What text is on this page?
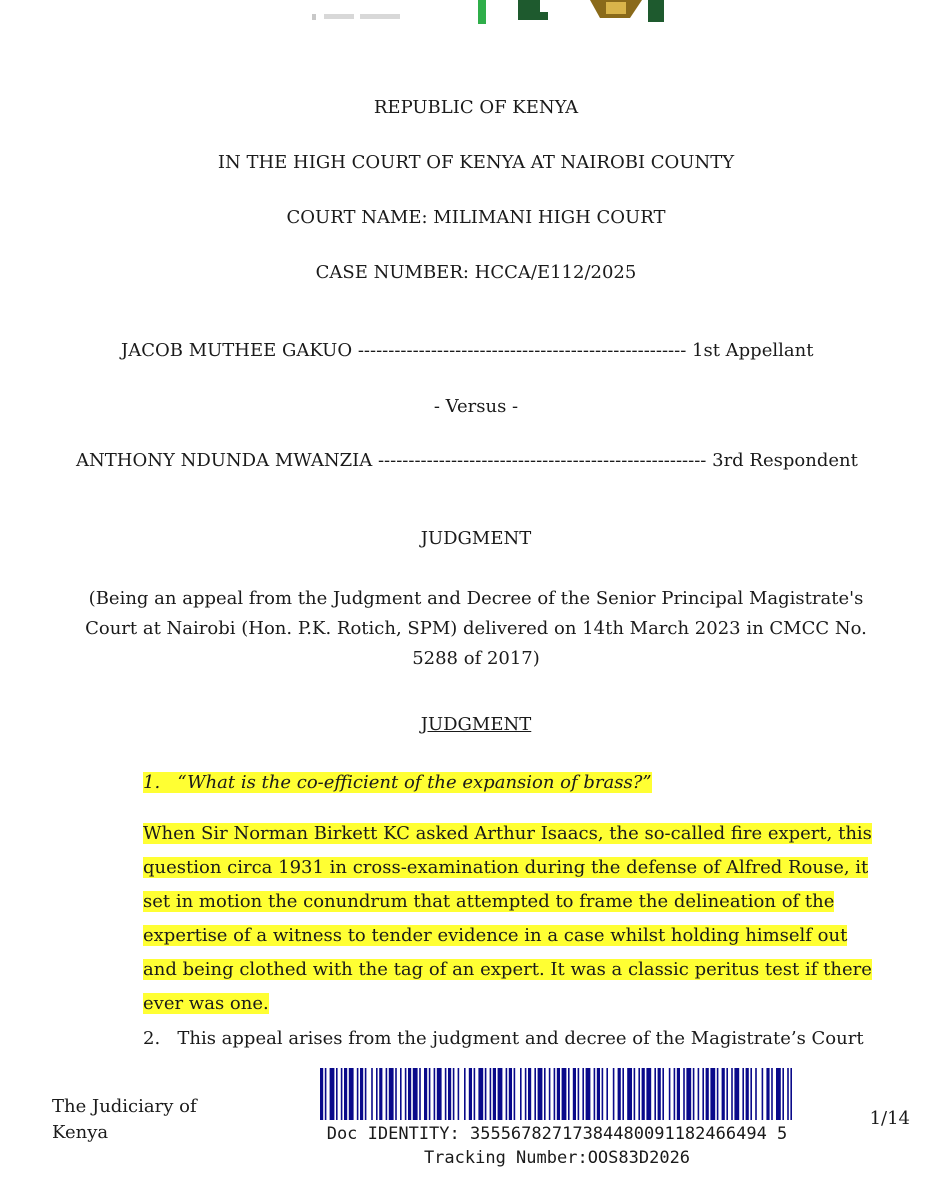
REPUBLIC OF KENYA
IN THE HIGH COURT OF KENYA AT NAIROBI COUNTY
COURT NAME: MILIMANI HIGH COURT
CASE NUMBER: HCCA/E112/2025
JACOB MUTHEE GAKUO ------------------------------------------------------ 1st Appellant
- Versus -
ANTHONY NDUNDA MWANZIA ------------------------------------------------------ 3rd Respondent
JUDGMENT
(Being an appeal from the Judgment and Decree of the Senior Principal Magistrate's
Court at Nairobi (Hon. P.K. Rotich, SPM) delivered on 14th March 2023 in CMCC No.
5288 of 2017)
JUDGMENT
1. “What is the co-efficient of the expansion of brass?”
When Sir Norman Birkett KC asked Arthur Isaacs, the so-called fire expert, this
question circa 1931 in cross-examination during the defense of Alfred Rouse, it
set in motion the conundrum that attempted to frame the delineation of the
expertise of a witness to tender evidence in a case whilst holding himself out
and being clothed with the tag of an expert. It was a classic peritus test if there
ever was one.
2. This appeal arises from the judgment and decree of the Magistrate’s Court
The Judiciary of
Kenya	Doc IDENTITY: 35556782717384480091182466494 5
Tracking Number:OOS83D2026
1/14
